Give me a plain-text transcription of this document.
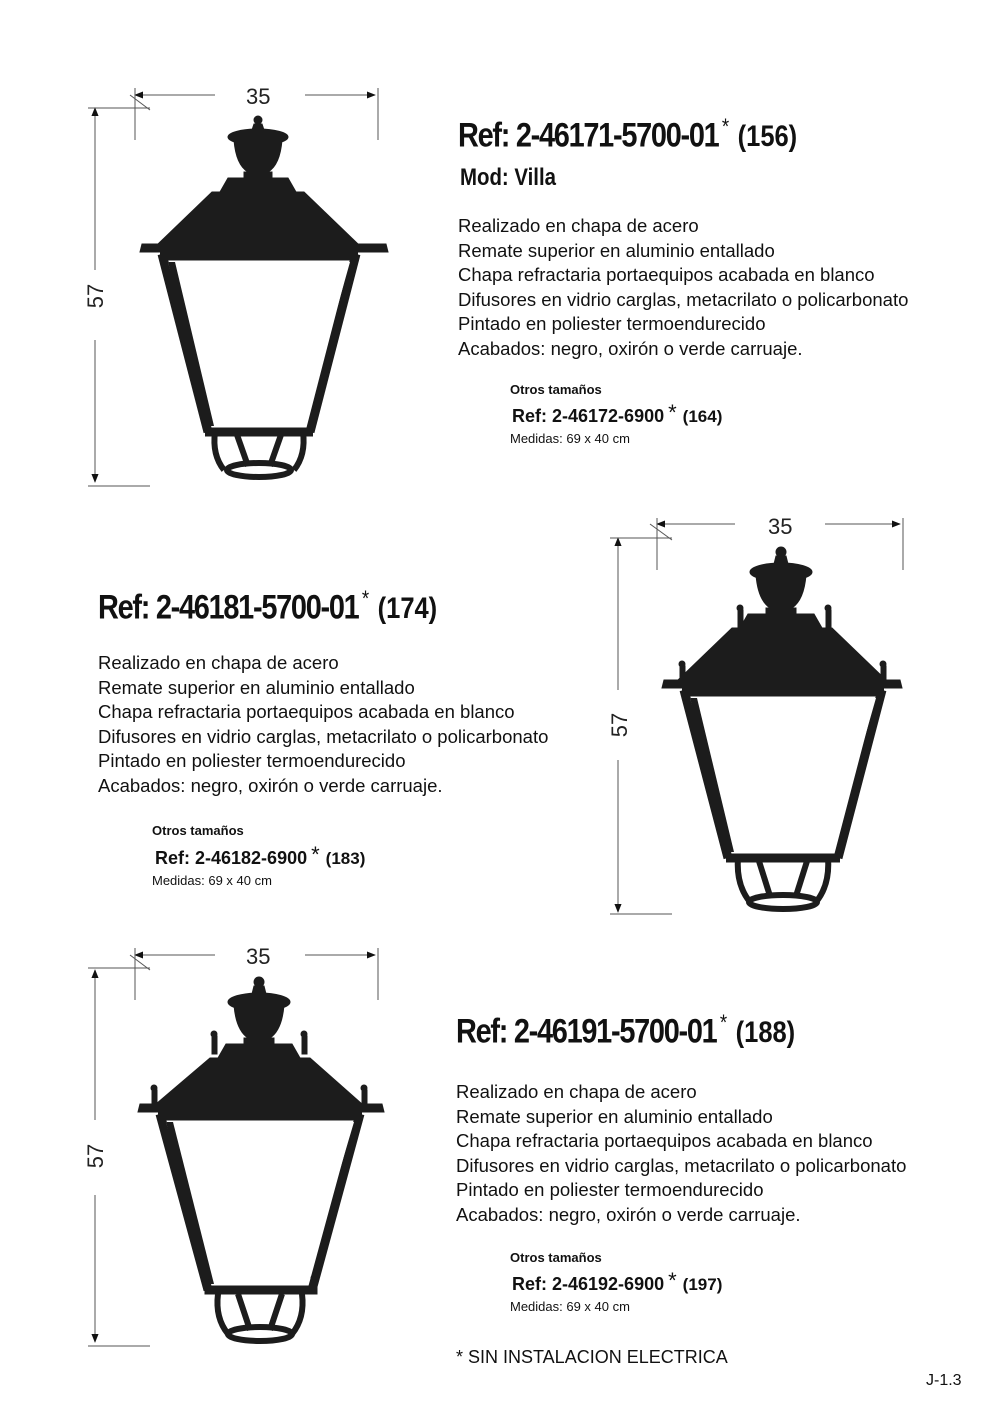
35
57
35
57
35
57
Ref: 2-46171-5700-01 * (156)
Mod: Villa
Realizado en chapa de acero
Remate superior en aluminio entallado
Chapa refractaria portaequipos acabada en blanco
Difusores en vidrio carglas, metacrilato o policarbonato
Pintado en poliester termoendurecido
Acabados: negro, oxirón o verde carruaje.
Otros tamaños
Ref: 2-46172-6900 * (164)
Medidas: 69 x 40 cm
Ref: 2-46181-5700-01 * (174)
Realizado en chapa de acero
Remate superior en aluminio entallado
Chapa refractaria portaequipos acabada en blanco
Difusores en vidrio carglas, metacrilato o policarbonato
Pintado en poliester termoendurecido
Acabados: negro, oxirón o verde carruaje.
Otros tamaños
Ref: 2-46182-6900 * (183)
Medidas: 69 x 40 cm
Ref: 2-46191-5700-01 * (188)
Realizado en chapa de acero
Remate superior en aluminio entallado
Chapa refractaria portaequipos acabada en blanco
Difusores en vidrio carglas, metacrilato o policarbonato
Pintado en poliester termoendurecido
Acabados: negro, oxirón o verde carruaje.
Otros tamaños
Ref: 2-46192-6900 * (197)
Medidas: 69 x 40 cm
* SIN INSTALACION ELECTRICA
J-1.3
